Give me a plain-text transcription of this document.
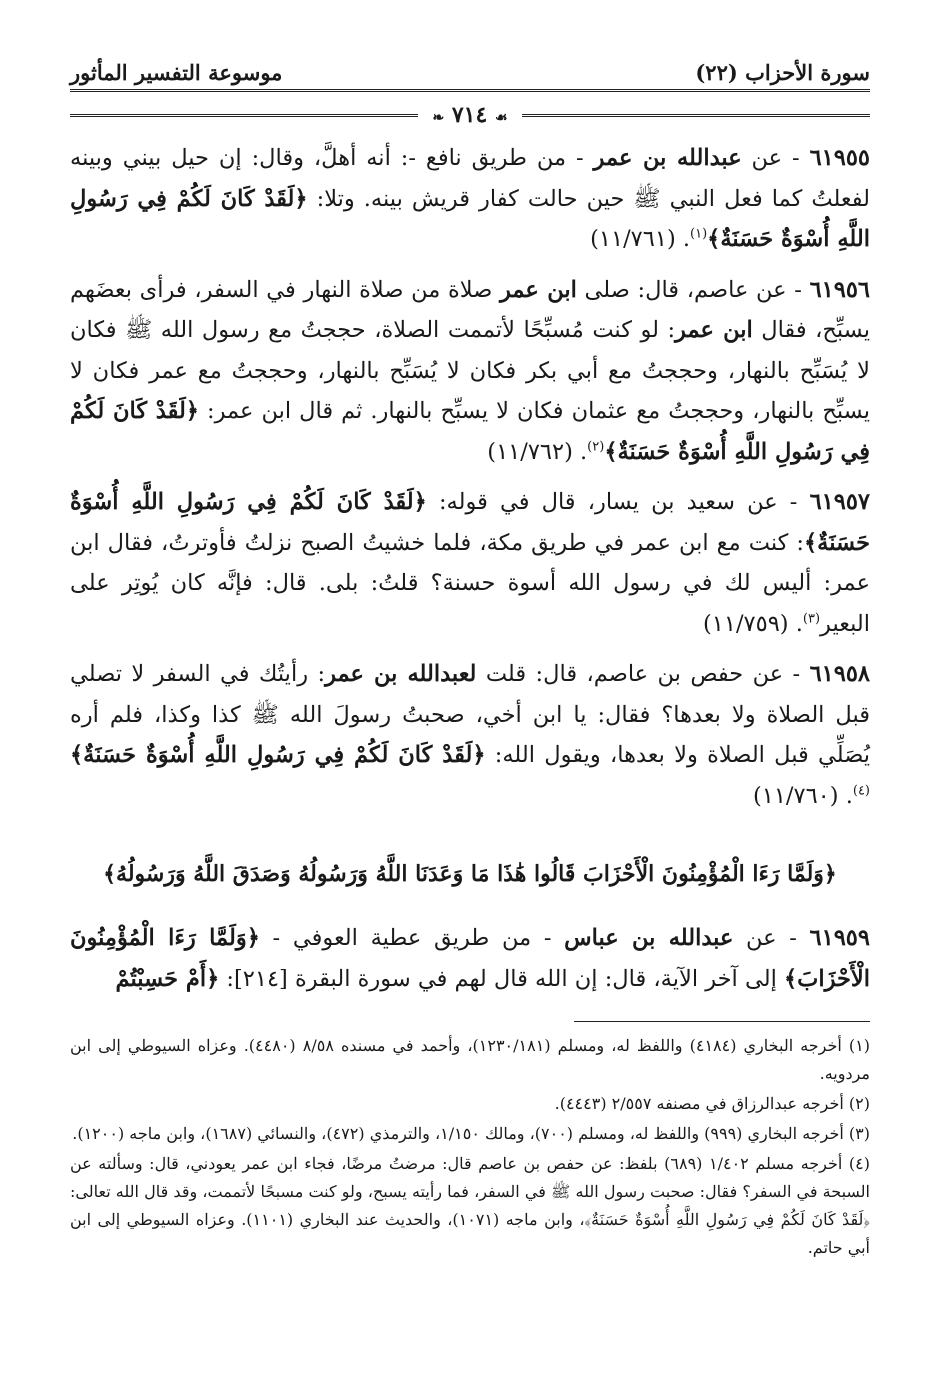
سورة الأحزاب (٢٢)
موسوعة التفسير المأثور
☙ ٧١٤ ❧

٦١٩٥٥ - عن عبدالله بن عمر - من طريق نافع -: أنه أهلَّ، وقال: إن حيل بيني وبينه لفعلتُ كما فعل النبي ﷺ حين حالت كفار قريش بينه. وتلا: ﴿لَقَدْ كَانَ لَكُمْ فِي رَسُولِ اللَّهِ أُسْوَةٌ حَسَنَةٌ﴾$^{(١)}$. (١١/٧٦١)

٦١٩٥٦ - عن عاصم، قال: صلى ابن عمر صلاة من صلاة النهار في السفر، فرأى بعضَهم يسبِّح، فقال ابن عمر: لو كنت مُسبِّحًا لأتممت الصلاة، حججتُ مع رسول الله ﷺ فكان لا يُسَبِّح بالنهار، وحججتُ مع أبي بكر فكان لا يُسَبِّح بالنهار، وحججتُ مع عمر فكان لا يسبِّح بالنهار، وحججتُ مع عثمان فكان لا يسبِّح بالنهار. ثم قال ابن عمر: ﴿لَقَدْ كَانَ لَكُمْ فِي رَسُولِ اللَّهِ أُسْوَةٌ حَسَنَةٌ﴾$^{(٢)}$. (١١/٧٦٢)

٦١٩٥٧ - عن سعيد بن يسار، قال في قوله: ﴿لَقَدْ كَانَ لَكُمْ فِي رَسُولِ اللَّهِ أُسْوَةٌ حَسَنَةٌ﴾: كنت مع ابن عمر في طريق مكة، فلما خشيتُ الصبح نزلتُ فأوترتُ، فقال ابن عمر: أليس لك في رسول الله أسوة حسنة؟ قلتُ: بلى. قال: فإنَّه كان يُوتِر على البعير$^{(٣)}$. (١١/٧٥٩)

٦١٩٥٨ - عن حفص بن عاصم، قال: قلت لعبدالله بن عمر: رأيتُك في السفر لا تصلي قبل الصلاة ولا بعدها؟ فقال: يا ابن أخي، صحبتُ رسولَ الله ﷺ كذا وكذا، فلم أره يُصَلِّي قبل الصلاة ولا بعدها، ويقول الله: ﴿لَقَدْ كَانَ لَكُمْ فِي رَسُولِ اللَّهِ أُسْوَةٌ حَسَنَةٌ﴾$^{(٤)}$. (١١/٧٦٠)

﴿وَلَمَّا رَءَا الْمُؤْمِنُونَ الْأَحْزَابَ قَالُوا هَٰذَا مَا وَعَدَنَا اللَّهُ وَرَسُولُهُ وَصَدَقَ اللَّهُ وَرَسُولُهُ﴾

٦١٩٥٩ - عن عبدالله بن عباس - من طريق عطية العوفي - ﴿وَلَمَّا رَءَا الْمُؤْمِنُونَ الْأَحْزَابَ﴾ إلى آخر الآية، قال: إن الله قال لهم في سورة البقرة [٢١٤]: ﴿أَمْ حَسِبْتُمْ

(١) أخرجه البخاري (٤١٨٤) واللفظ له، ومسلم (١٢٣٠/١٨١)، وأحمد في مسنده ٨/٥٨ (٤٤٨٠). وعزاه السيوطي إلى ابن مردويه.

(٢) أخرجه عبدالرزاق في مصنفه ٢/٥٥٧ (٤٤٤٣).

(٣) أخرجه البخاري (٩٩٩) واللفظ له، ومسلم (٧٠٠)، ومالك ١/١٥٠، والترمذي (٤٧٢)، والنسائي (١٦٨٧)، وابن ماجه (١٢٠٠).

(٤) أخرجه مسلم ١/٤٠٢ (٦٨٩) بلفظ: عن حفص بن عاصم قال: مرضتُ مرضًا، فجاء ابن عمر يعودني، قال: وسألته عن السبحة في السفر؟ فقال: صحبت رسول الله ﷺ في السفر، فما رأيته يسبح، ولو كنت مسبحًا لأتممت، وقد قال الله تعالى: ﴿لَقَدْ كَانَ لَكُمْ فِي رَسُولِ اللَّهِ أُسْوَةٌ حَسَنَةٌ﴾، وابن ماجه (١٠٧١)، والحديث عند البخاري (١١٠١). وعزاه السيوطي إلى ابن أبي حاتم.
